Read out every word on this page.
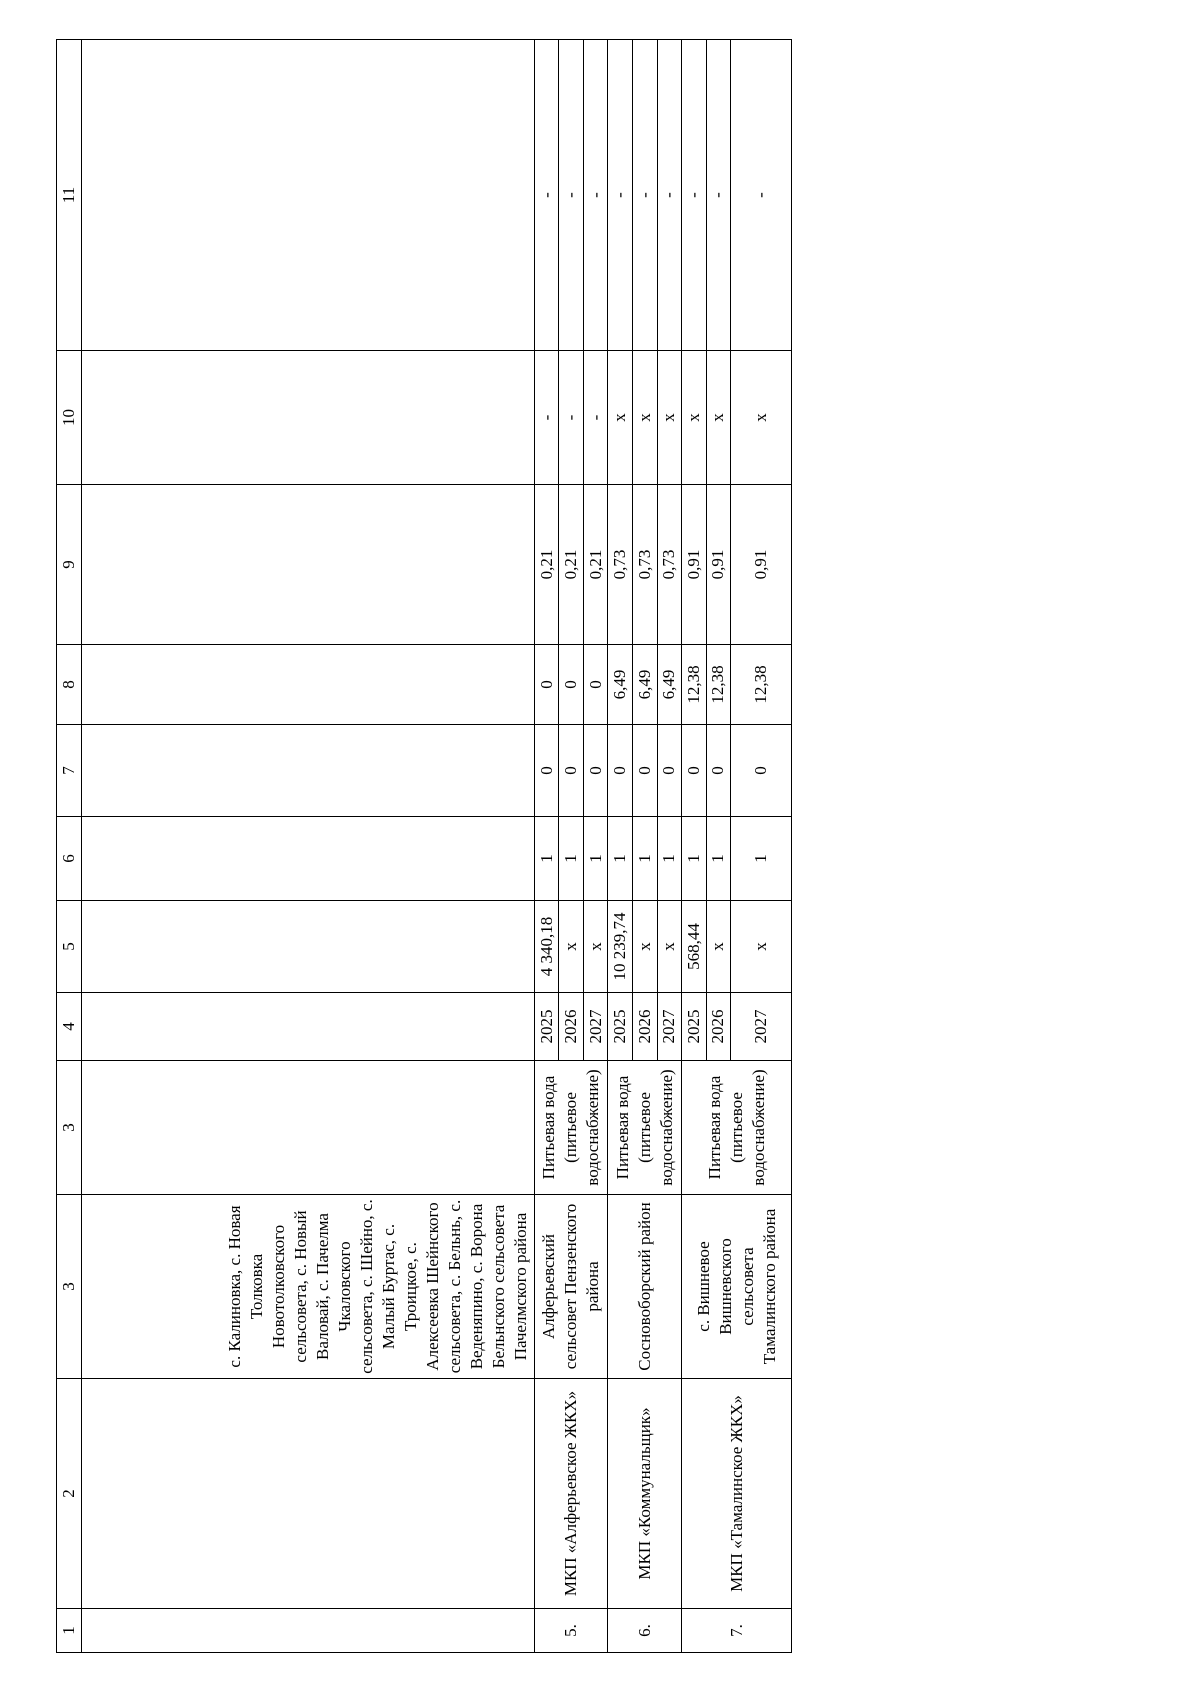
1	2	3	3	4	5	6	7	8	9	10	11
		с. Калиновка, с. Новая Толковка Новотолковского сельсовета, с. Новый Валовай, с. Пачелма Чкаловского сельсовета, с. Шейно, с. Малый Буртас, с. Троицкое, с. Алексеевка Шейнского сельсовета, с. Бельнь, с. Веденяпино, с. Ворона Бельнского сельсовета Пачелмского района									
5.	МКП «Алферьевское ЖКХ»	Алферьевский сельсовет Пензенского района	Питьевая вода (питьевое водоснабжение)	2025	4 340,18	1	0	0	0,21	-	-
				2026	х	1	0	0	0,21	-	-
				2027	х	1	0	0	0,21	-	-
6.	МКП «Коммунальщик»	Сосновоборский район	Питьевая вода (питьевое водоснабжение)	2025	10 239,74	1	0	6,49	0,73	х	-
				2026	х	1	0	6,49	0,73	х	-
				2027	х	1	0	6,49	0,73	х	-
7.	МКП «Тамалинское ЖКХ»	с. Вишневое Вишневского сельсовета Тамалинского района	Питьевая вода (питьевое водоснабжение)	2025	568,44	1	0	12,38	0,91	х	-
				2026	х	1	0	12,38	0,91	х	-
				2027	х	1	0	12,38	0,91	х	-
